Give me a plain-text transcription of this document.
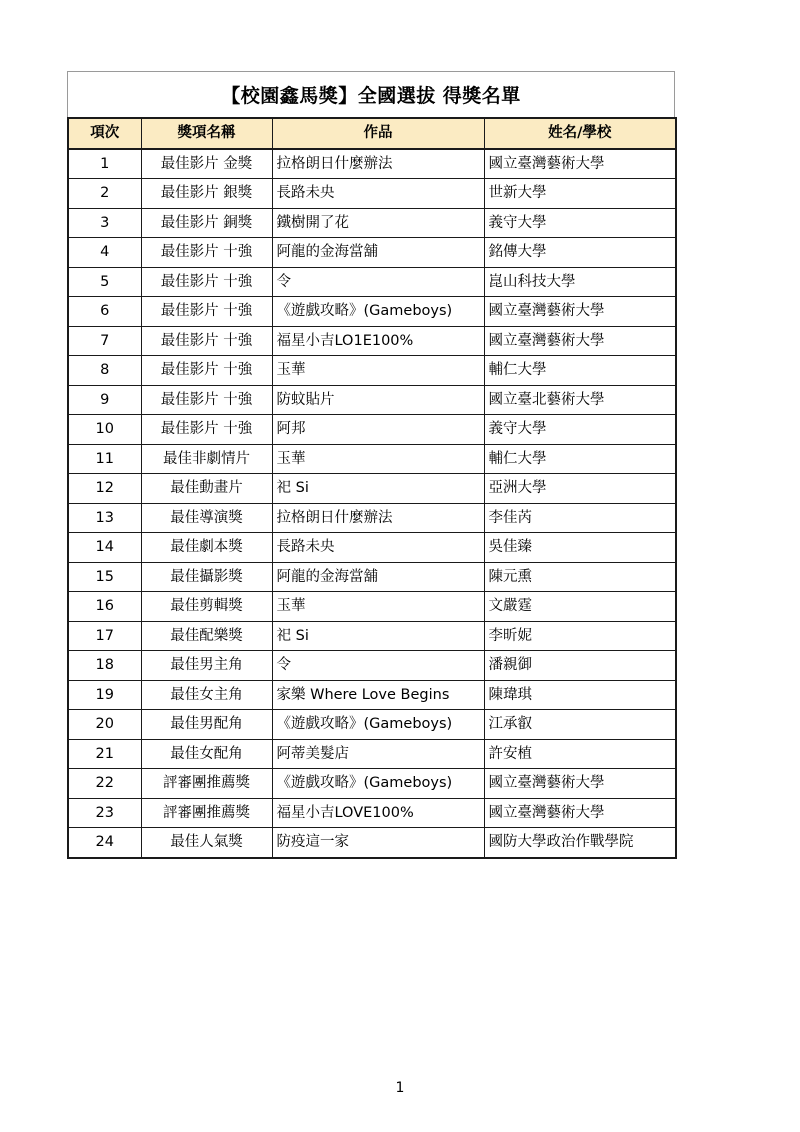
【校園鑫馬獎】全國選拔 得獎名單
項次	獎項名稱	作品	姓名/學校
1	最佳影片 金獎	拉格朗日什麼辦法	國立臺灣藝術大學
2	最佳影片 銀獎	長路未央	世新大學
3	最佳影片 銅獎	鐵樹開了花	義守大學
4	最佳影片 十強	阿龍的金海當舖	銘傳大學
5	最佳影片 十強	令	崑山科技大學
6	最佳影片 十強	《遊戲攻略》(Gameboys)	國立臺灣藝術大學
7	最佳影片 十強	福星小吉LO1E100%	國立臺灣藝術大學
8	最佳影片 十強	玉華	輔仁大學
9	最佳影片 十強	防蚊貼片	國立臺北藝術大學
10	最佳影片 十強	阿邦	義守大學
11	最佳非劇情片	玉華	輔仁大學
12	最佳動畫片	祀 Si	亞洲大學
13	最佳導演獎	拉格朗日什麼辦法	李佳芮
14	最佳劇本獎	長路未央	吳佳臻
15	最佳攝影獎	阿龍的金海當舖	陳元熏
16	最佳剪輯獎	玉華	文嚴霆
17	最佳配樂獎	祀 Si	李昕妮
18	最佳男主角	令	潘親御
19	最佳女主角	家樂 Where Love Begins	陳瑋琪
20	最佳男配角	《遊戲攻略》(Gameboys)	江承叡
21	最佳女配角	阿蒂美髮店	許安植
22	評審團推薦獎	《遊戲攻略》(Gameboys)	國立臺灣藝術大學
23	評審團推薦獎	福星小吉LOVE100%	國立臺灣藝術大學
24	最佳人氣獎	防疫這一家	國防大學政治作戰學院
1
